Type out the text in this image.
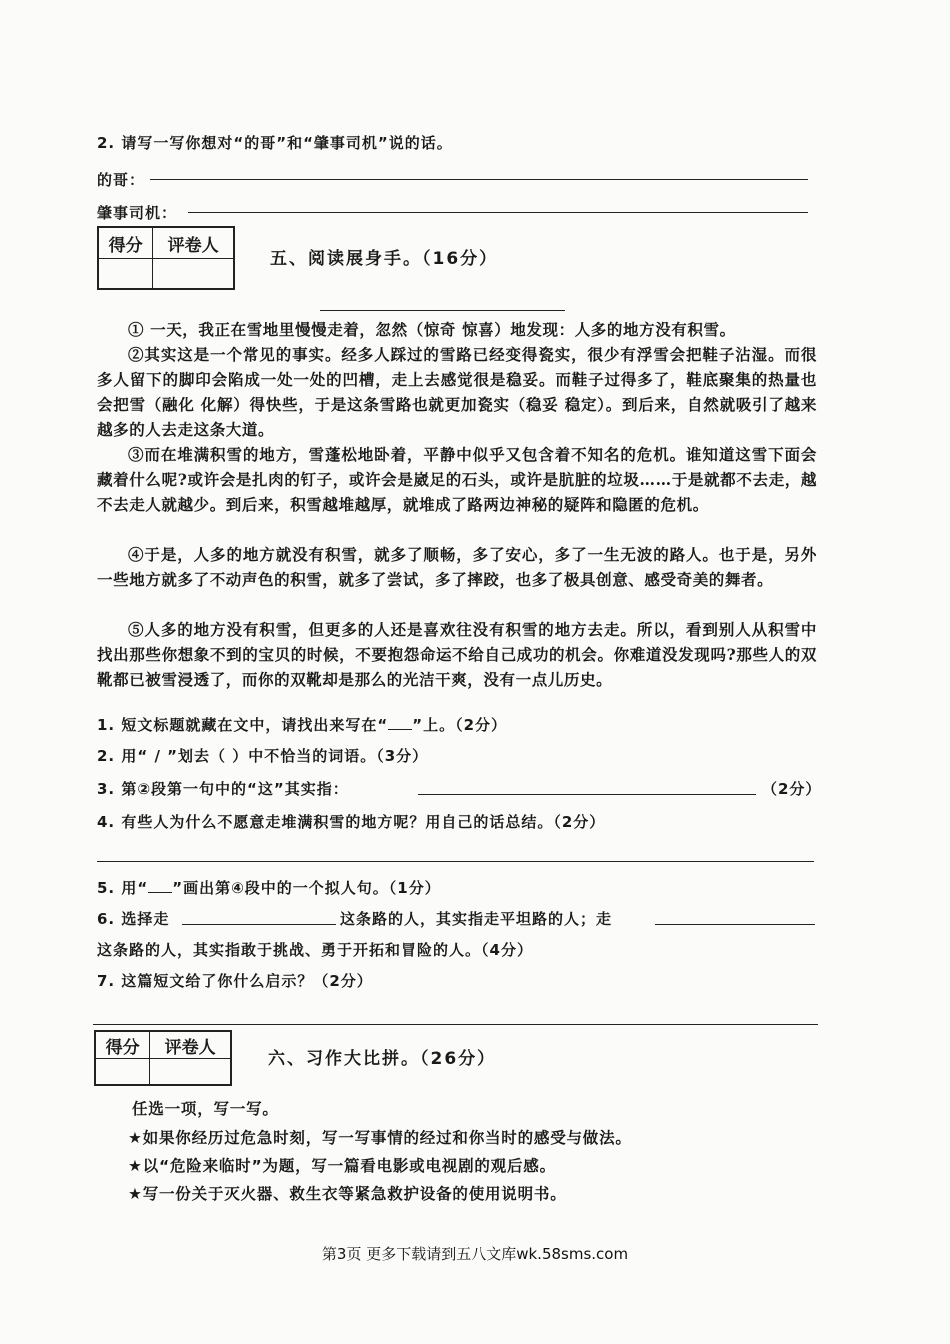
2. 请写一写你想对“的哥”和“肇事司机”说的话。
的哥：
肇事司机：
得分	评卷人

五、阅读展身手。（16分）

① 一天，我正在雪地里慢慢走着，忽然（惊奇 惊喜）地发现：人多的地方没有积雪。

②其实这是一个常见的事实。经多人踩过的雪路已经变得瓷实，很少有浮雪会把鞋子沾湿。而很多人留下的脚印会陷成一处一处的凹槽，走上去感觉很是稳妥。而鞋子过得多了，鞋底聚集的热量也会把雪（融化 化解）得快些，于是这条雪路也就更加瓷实（稳妥 稳定）。到后来，自然就吸引了越来越多的人去走这条大道。

③而在堆满积雪的地方，雪蓬松地卧着，平静中似乎又包含着不知名的危机。谁知道这雪下面会藏着什么呢?或许会是扎肉的钉子，或许会是崴足的石头，或许是肮脏的垃圾……于是就都不去走，越不去走人就越少。到后来，积雪越堆越厚，就堆成了路两边神秘的疑阵和隐匿的危机。

④于是，人多的地方就没有积雪，就多了顺畅，多了安心，多了一生无波的路人。也于是，另外一些地方就多了不动声色的积雪，就多了尝试，多了摔跤，也多了极具创意、感受奇美的舞者。

⑤人多的地方没有积雪，但更多的人还是喜欢往没有积雪的地方去走。所以，看到别人从积雪中找出那些你想象不到的宝贝的时候，不要抱怨命运不给自己成功的机会。你难道没发现吗?那些人的双靴都已被雪浸透了，而你的双靴却是那么的光洁干爽，没有一点儿历史。

1. 短文标题就藏在文中，请找出来写在“ ”上。（2分）
2. 用“ / ”划去（ ）中不恰当的词语。（3分）
3. 第②段第一句中的“这”其实指：	（2分）
4. 有些人为什么不愿意走堆满积雪的地方呢？用自己的话总结。（2分）
5. 用“ ”画出第④段中的一个拟人句。（1分）
6. 选择走	这条路的人，其实指走平坦路的人；走
这条路的人，其实指敢于挑战、勇于开拓和冒险的人。（4分）
7. 这篇短文给了你什么启示？（2分）
得分	评卷人

六、习作大比拼。（26分）
任选一项，写一写。
★如果你经历过危急时刻，写一写事情的经过和你当时的感受与做法。
★以“危险来临时”为题，写一篇看电影或电视剧的观后感。
★写一份关于灭火器、救生衣等紧急救护设备的使用说明书。
第3页 更多下载请到五八文库wk.58sms.com
